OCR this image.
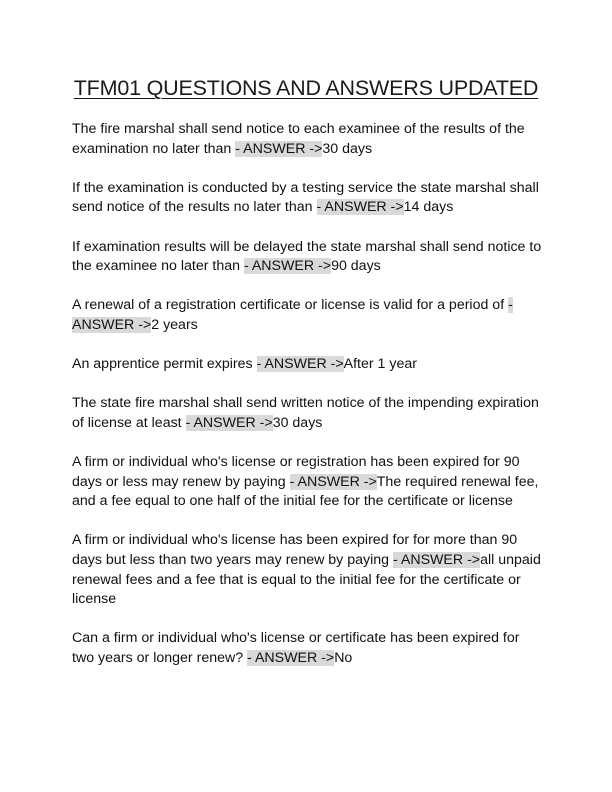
TFM01 QUESTIONS AND ANSWERS UPDATED

The fire marshal shall send notice to each examinee of the results of the examination no later than - ANSWER ->30 days

If the examination is conducted by a testing service the state marshal shall send notice of the results no later than - ANSWER ->14 days

If examination results will be delayed the state marshal shall send notice to the examinee no later than - ANSWER ->90 days

A renewal of a registration certificate or license is valid for a period of - ANSWER ->2 years

An apprentice permit expires - ANSWER ->After 1 year

The state fire marshal shall send written notice of the impending expiration of license at least - ANSWER ->30 days

A firm or individual who's license or registration has been expired for 90 days or less may renew by paying - ANSWER ->The required renewal fee, and a fee equal to one half of the initial fee for the certificate or license

A firm or individual who's license has been expired for for more than 90 days but less than two years may renew by paying - ANSWER ->all unpaid renewal fees and a fee that is equal to the initial fee for the certificate or license

Can a firm or individual who's license or certificate has been expired for two years or longer renew? - ANSWER ->No
